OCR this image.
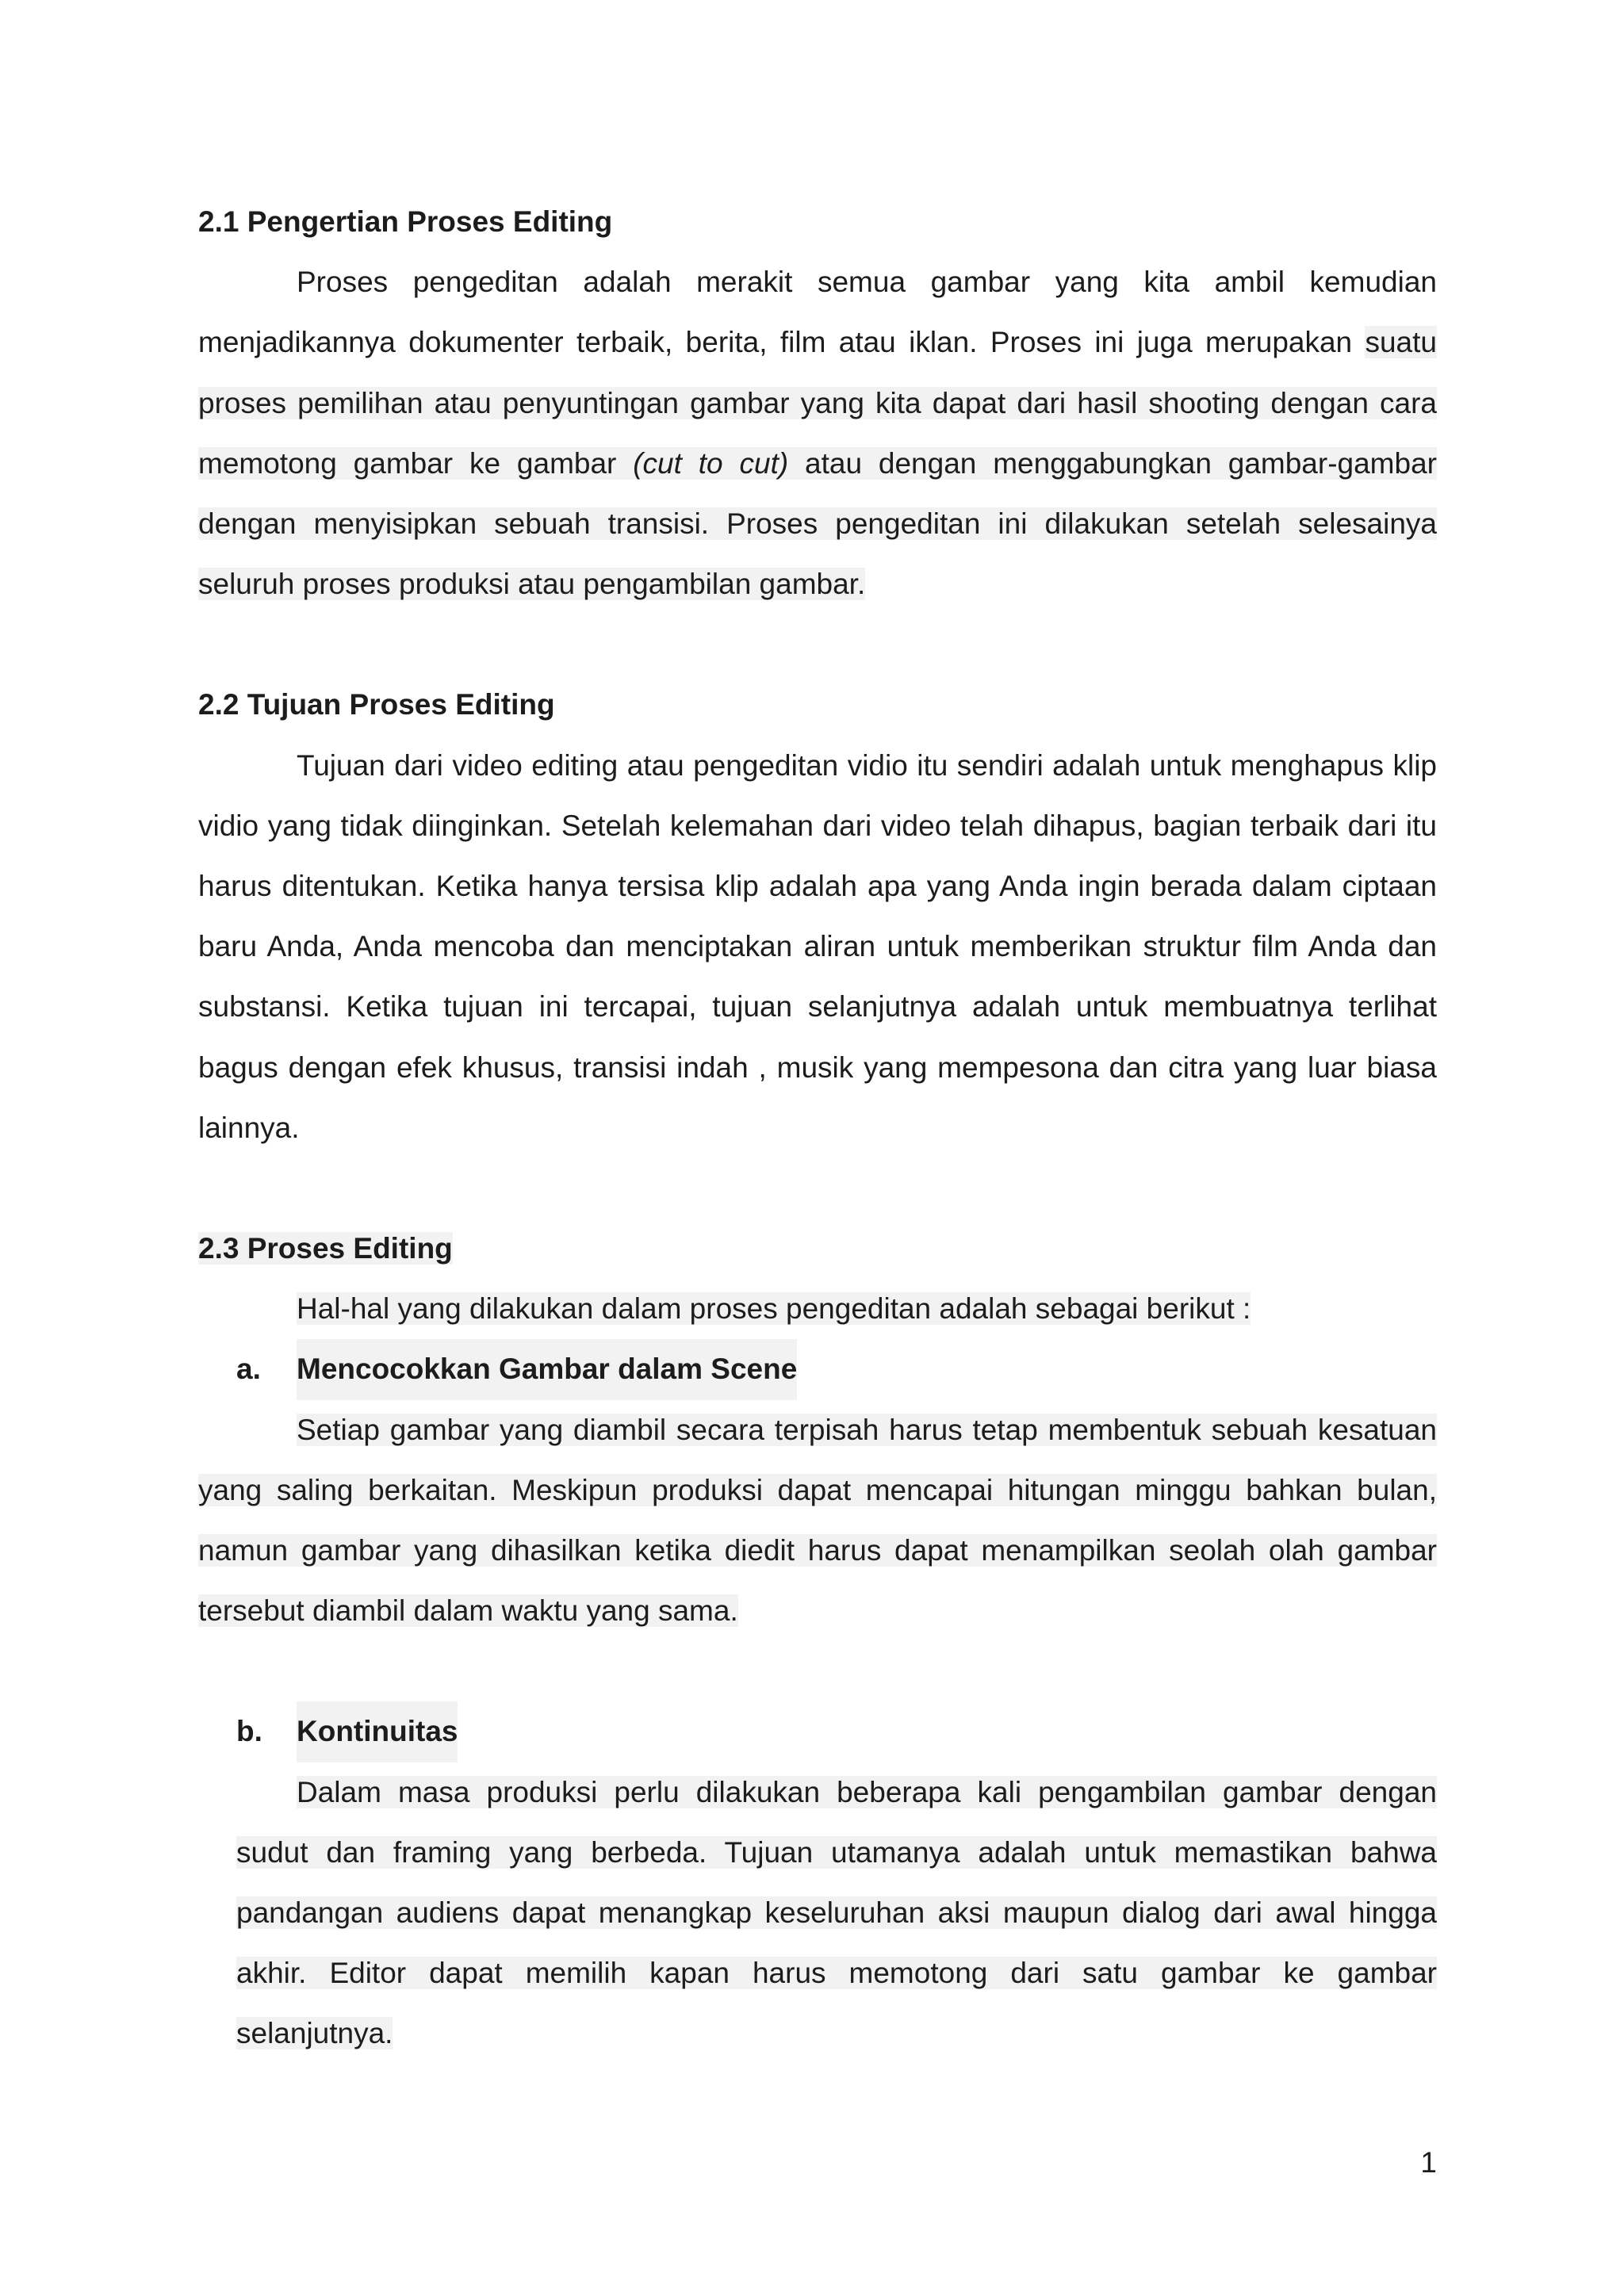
2.1 Pengertian Proses Editing

Proses pengeditan adalah merakit semua gambar yang kita ambil kemudian menjadikannya dokumenter terbaik, berita, film atau iklan. Proses ini juga merupakan suatu proses pemilihan atau penyuntingan gambar yang kita dapat dari hasil shooting dengan cara memotong gambar ke gambar (cut to cut) atau dengan menggabungkan gambar-gambar dengan menyisipkan sebuah transisi. Proses pengeditan ini dilakukan setelah selesainya seluruh proses produksi atau pengambilan gambar.

2.2 Tujuan Proses Editing

Tujuan dari video editing atau pengeditan vidio itu sendiri adalah untuk menghapus klip vidio yang tidak diinginkan. Setelah kelemahan dari video telah dihapus, bagian terbaik dari itu harus ditentukan. Ketika hanya tersisa klip adalah apa yang Anda ingin berada dalam ciptaan baru Anda, Anda mencoba dan menciptakan aliran untuk memberikan struktur film Anda dan substansi. Ketika tujuan ini tercapai, tujuan selanjutnya adalah untuk membuatnya terlihat bagus dengan efek khusus, transisi indah , musik yang mempesona dan citra yang luar biasa lainnya.

2.3 Proses Editing

Hal-hal yang dilakukan dalam proses pengeditan adalah sebagai berikut :

a.	Mencocokkan Gambar dalam Scene

Setiap gambar yang diambil secara terpisah harus tetap membentuk sebuah kesatuan yang saling berkaitan. Meskipun produksi dapat mencapai hitungan minggu bahkan bulan, namun gambar yang dihasilkan ketika diedit harus dapat menampilkan seolah olah gambar tersebut diambil dalam waktu yang sama.

b.	Kontinuitas

Dalam masa produksi perlu dilakukan beberapa kali pengambilan gambar dengan sudut dan framing yang berbeda. Tujuan utamanya adalah untuk memastikan bahwa pandangan audiens dapat menangkap keseluruhan aksi maupun dialog dari awal hingga akhir. Editor dapat memilih kapan harus memotong dari satu gambar ke gambar selanjutnya.

1
